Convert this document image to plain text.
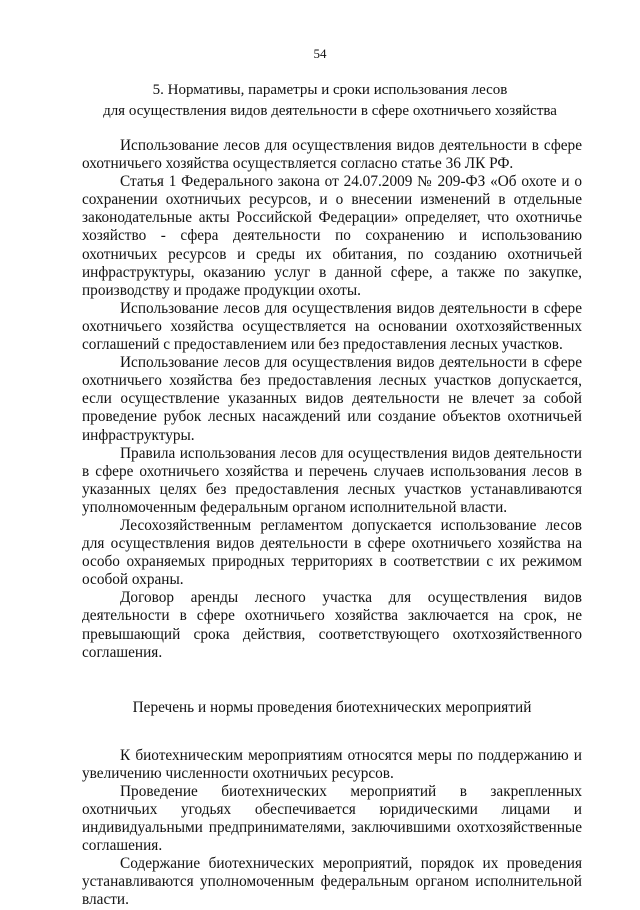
54
5. Нормативы, параметры и сроки использования лесов
для осуществления видов деятельности в сфере охотничьего хозяйства

Использование лесов для осуществления видов деятельности в сфере охотничьего хозяйства осуществляется согласно статье 36 ЛК РФ.

Статья 1 Федерального закона от 24.07.2009 № 209-ФЗ «Об охоте и о сохранении охотничьих ресурсов, и о внесении изменений в отдельные законодательные акты Российской Федерации» определяет, что охотничье хозяйство - сфера деятельности по сохранению и использованию охотничьих ресурсов и среды их обитания, по созданию охотничьей инфраструктуры, оказанию услуг в данной сфере, а также по закупке, производству и продаже продукции охоты.

Использование лесов для осуществления видов деятельности в сфере охотничьего хозяйства осуществляется на основании охотхозяйственных соглашений с предоставлением или без предоставления лесных участков.

Использование лесов для осуществления видов деятельности в сфере охотничьего хозяйства без предоставления лесных участков допускается, если осуществление указанных видов деятельности не влечет за собой проведение рубок лесных насаждений или создание объектов охотничьей инфраструктуры.

Правила использования лесов для осуществления видов деятельности в сфере охотничьего хозяйства и перечень случаев использования лесов в указанных целях без предоставления лесных участков устанавливаются уполномоченным федеральным органом исполнительной власти.

Лесохозяйственным регламентом допускается использование лесов для осуществления видов деятельности в сфере охотничьего хозяйства на особо охраняемых природных территориях в соответствии с их режимом особой охраны.

Договор аренды лесного участка для осуществления видов деятельности в сфере охотничьего хозяйства заключается на срок, не превышающий срока действия, соответствующего охотхозяйственного соглашения.

Перечень и нормы проведения биотехнических мероприятий

К биотехническим мероприятиям относятся меры по поддержанию и увеличению численности охотничьих ресурсов.

Проведение биотехнических мероприятий в закрепленных охотничьих угодьях обеспечивается юридическими лицами и индивидуальными предпринимателями, заключившими охотхозяйственные соглашения.

Содержание биотехнических мероприятий, порядок их проведения устанавливаются уполномоченным федеральным органом исполнительной власти.
